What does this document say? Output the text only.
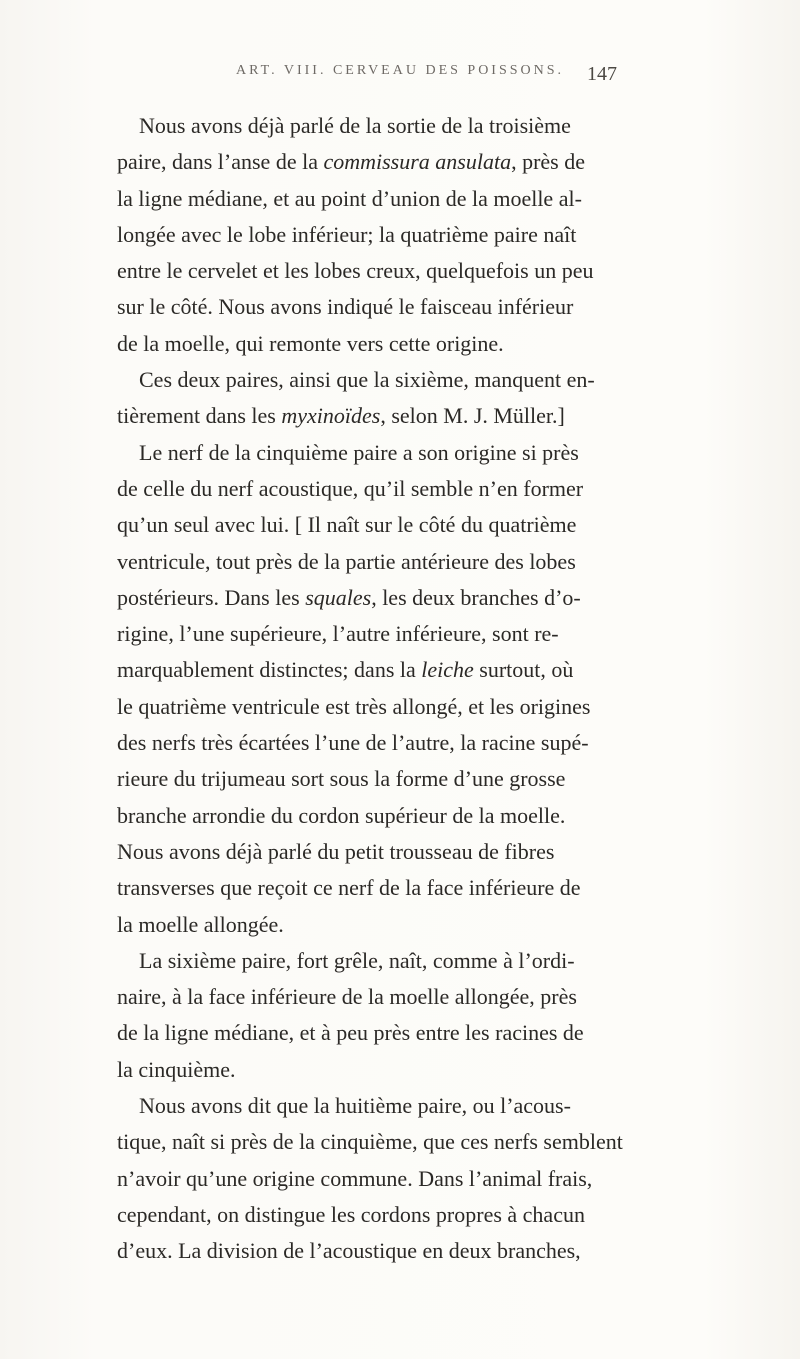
ART. VIII. CERVEAU DES POISSONS.	147
Nous avons déjà parlé de la sortie de la troisième
paire, dans l’anse de la commissura ansulata, près de
la ligne médiane, et au point d’union de la moelle al-
longée avec le lobe inférieur; la quatrième paire naît
entre le cervelet et les lobes creux, quelquefois un peu
sur le côté. Nous avons indiqué le faisceau inférieur
de la moelle, qui remonte vers cette origine.
Ces deux paires, ainsi que la sixième, manquent en-
tièrement dans les myxinoïdes, selon M. J. Müller.]
Le nerf de la cinquième paire a son origine si près
de celle du nerf acoustique, qu’il semble n’en former
qu’un seul avec lui. [ Il naît sur le côté du quatrième
ventricule, tout près de la partie antérieure des lobes
postérieurs. Dans les squales, les deux branches d’o-
rigine, l’une supérieure, l’autre inférieure, sont re-
marquablement distinctes; dans la leiche surtout, où
le quatrième ventricule est très allongé, et les origines
des nerfs très écartées l’une de l’autre, la racine supé-
rieure du trijumeau sort sous la forme d’une grosse
branche arrondie du cordon supérieur de la moelle.
Nous avons déjà parlé du petit trousseau de fibres
transverses que reçoit ce nerf de la face inférieure de
la moelle allongée.
La sixième paire, fort grêle, naît, comme à l’ordi-
naire, à la face inférieure de la moelle allongée, près
de la ligne médiane, et à peu près entre les racines de
la cinquième.
Nous avons dit que la huitième paire, ou l’acous-
tique, naît si près de la cinquième, que ces nerfs semblent
n’avoir qu’une origine commune. Dans l’animal frais,
cependant, on distingue les cordons propres à chacun
d’eux. La division de l’acoustique en deux branches,
